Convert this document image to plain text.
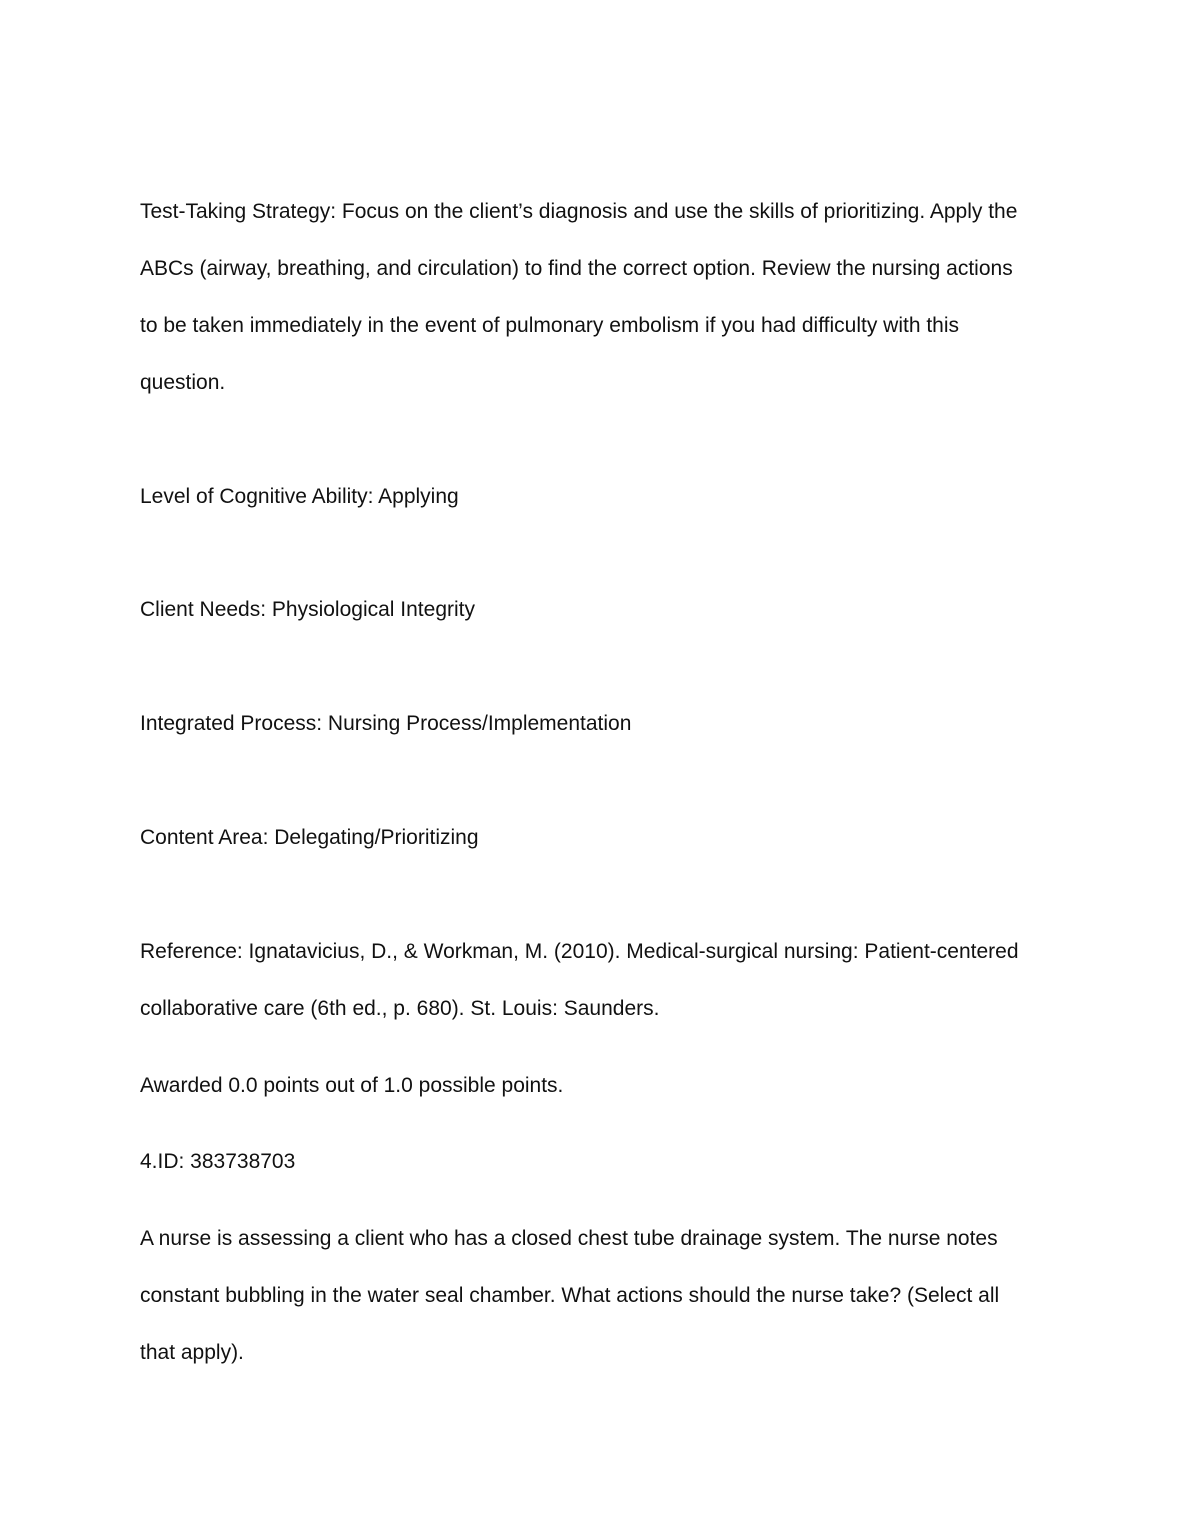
Test-Taking Strategy: Focus on the client’s diagnosis and use the skills of prioritizing. Apply the

ABCs (airway, breathing, and circulation) to find the correct option. Review the nursing actions

to be taken immediately in the event of pulmonary embolism if you had difficulty with this

question.

Level of Cognitive Ability: Applying

Client Needs: Physiological Integrity

Integrated Process: Nursing Process/Implementation

Content Area: Delegating/Prioritizing

Reference: Ignatavicius, D., & Workman, M. (2010). Medical-surgical nursing: Patient-centered

collaborative care (6th ed., p. 680). St. Louis: Saunders.

Awarded 0.0 points out of 1.0 possible points.

4.ID: 383738703

A nurse is assessing a client who has a closed chest tube drainage system. The nurse notes

constant bubbling in the water seal chamber. What actions should the nurse take? (Select all

that apply).
